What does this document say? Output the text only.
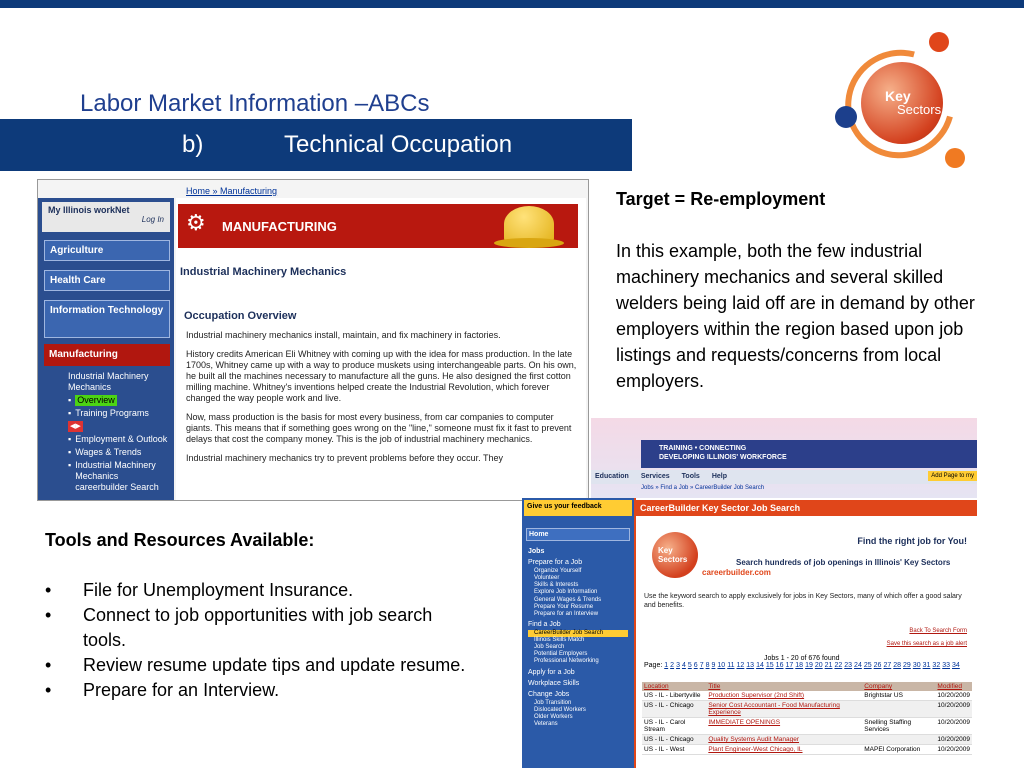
Labor Market Information –ABCs
b)	Technical Occupation
Key
Sectors
Home » Manufacturing
My Illinois workNet
Log In
Agriculture
Health Care
Information Technology
Manufacturing
Industrial Machinery Mechanics
▪ Overview
▪ Training Programs
◀▶
▪ Employment & Outlook
▪ Wages & Trends
▪ Industrial Machinery Mechanics careerbuilder Search
⚙ MANUFACTURING
Industrial Machinery Mechanics
Occupation Overview

Industrial machinery mechanics install, maintain, and fix machinery in factories.

History credits American Eli Whitney with coming up with the idea for mass production. In the late 1700s, Whitney came up with a way to produce muskets using interchangeable parts. On his own, he built all the machines necessary to manufacture all the guns. He also designed the first cotton milling machine. Whitney's inventions helped create the Industrial Revolution, which forever changed the way people work and live.

Now, mass production is the basis for most every business, from car companies to computer giants. This means that if something goes wrong on the "line," someone must fix it fast to prevent delays that cost the company money. This is the job of industrial machinery mechanics.

Industrial machinery mechanics try to prevent problems before they occur. They

Target = Re-employment
In this example, both the few industrial machinery mechanics and several skilled welders being laid off are in demand by other employers within the region based upon job listings and requests/concerns from local employers.
Tools and Resources Available:
• File for Unemployment Insurance.
• Connect to job opportunities with job search tools.
• Review resume update tips and update resume.
• Prepare for an Interview.
TRAINING • CONNECTING
DEVELOPING ILLINOIS' WORKFORCE
Education Services Tools Help	Add Page to my
Jobs » Find a Job » CareerBuilder Job Search
Give us your feedback
Home
Jobs
Prepare for a Job
Organize Yourself
Volunteer
Skills & Interests
Explore Job Information
General Wages & Trends
Prepare Your Resume
Prepare for an Interview
Find a Job
CareerBuilder Job Search
Illinois Skills Match
Job Search
Potential Employers
Professional Networking
Apply for a Job
Workplace Skills
Change Jobs
Job Transition
Dislocated Workers
Older Workers
Veterans
CareerBuilder Key Sector Job Search
Find the right job for You!
Key Sectors	Search hundreds of job openings in Illinois' Key Sectors
careerbuilder.com
Use the keyword search to apply exclusively for jobs in Key Sectors, many of which offer a good salary and benefits.
Back To Search Form
Save this search as a job alert
Jobs 1 - 20 of 676 found
Page: 1 2 3 4 5 6 7 8 9 10 11 12 13 14 15 16 17 18 19 20 21 22 23 24 25 26 27 28 29 30 31 32 33 34
Location	Title	Company	Modified
US - IL - Libertyville	Production Supervisor (2nd Shift)	Brightstar US	10/20/2009
US - IL - Chicago	Senior Cost Accountant - Food Manufacturing Experience		10/20/2009
US - IL - Carol Stream	IMMEDIATE OPENINGS	Snelling Staffing Services	10/20/2009
US - IL - Chicago	Quality Systems Audit Manager		10/20/2009
US - IL - West	Plant Engineer-West Chicago, IL	MAPEI Corporation	10/20/2009
